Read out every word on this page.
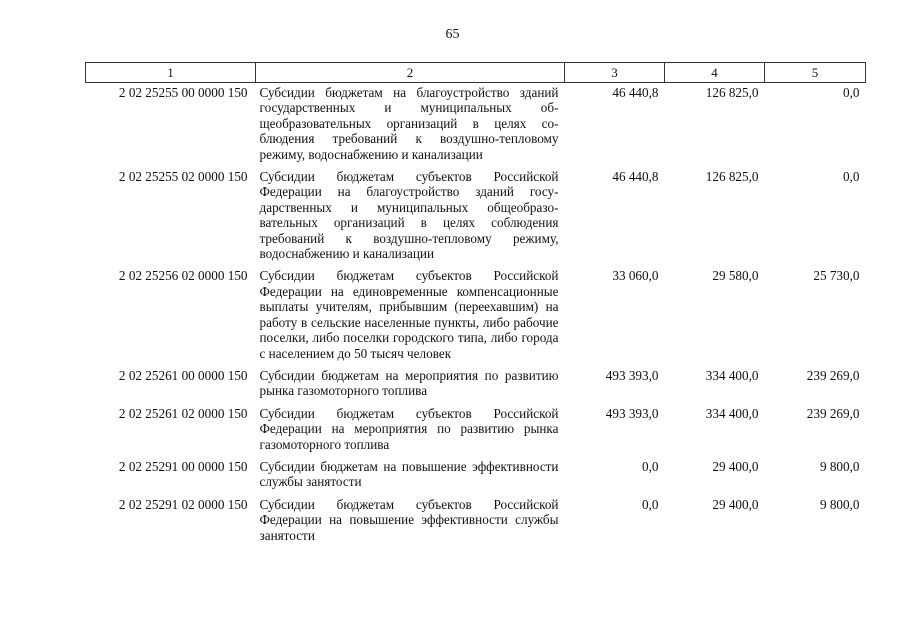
65
1	2	3	4	5
2 02 25255 00 0000 150	Субсидии бюджетам на благоустройство зданий государственных и муниципальных общеобразовательных организаций в целях соблюдения требований к воздушно-тепловому режиму, водоснабжению и канализации	46 440,8	126 825,0	0,0
2 02 25255 02 0000 150	Субсидии бюджетам субъектов Российской Федерации на благоустройство зданий государственных и муниципальных общеобразовательных организаций в целях соблюдения требований к воздушно-тепловому режиму, водоснабжению и канализации	46 440,8	126 825,0	0,0
2 02 25256 02 0000 150	Субсидии бюджетам субъектов Российской Федерации на единовременные компенсационные выплаты учителям, прибывшим (переехавшим) на работу в сельские населенные пункты, либо рабочие поселки, либо поселки городского типа, либо города с населением до 50 тысяч человек	33 060,0	29 580,0	25 730,0
2 02 25261 00 0000 150	Субсидии бюджетам на мероприятия по развитию рынка газомоторного топлива	493 393,0	334 400,0	239 269,0
2 02 25261 02 0000 150	Субсидии бюджетам субъектов Российской Федерации на мероприятия по развитию рынка газомоторного топлива	493 393,0	334 400,0	239 269,0
2 02 25291 00 0000 150	Субсидии бюджетам на повышение эффективности службы занятости	0,0	29 400,0	9 800,0
2 02 25291 02 0000 150	Субсидии бюджетам субъектов Российской Федерации на повышение эффективности службы занятости	0,0	29 400,0	9 800,0
